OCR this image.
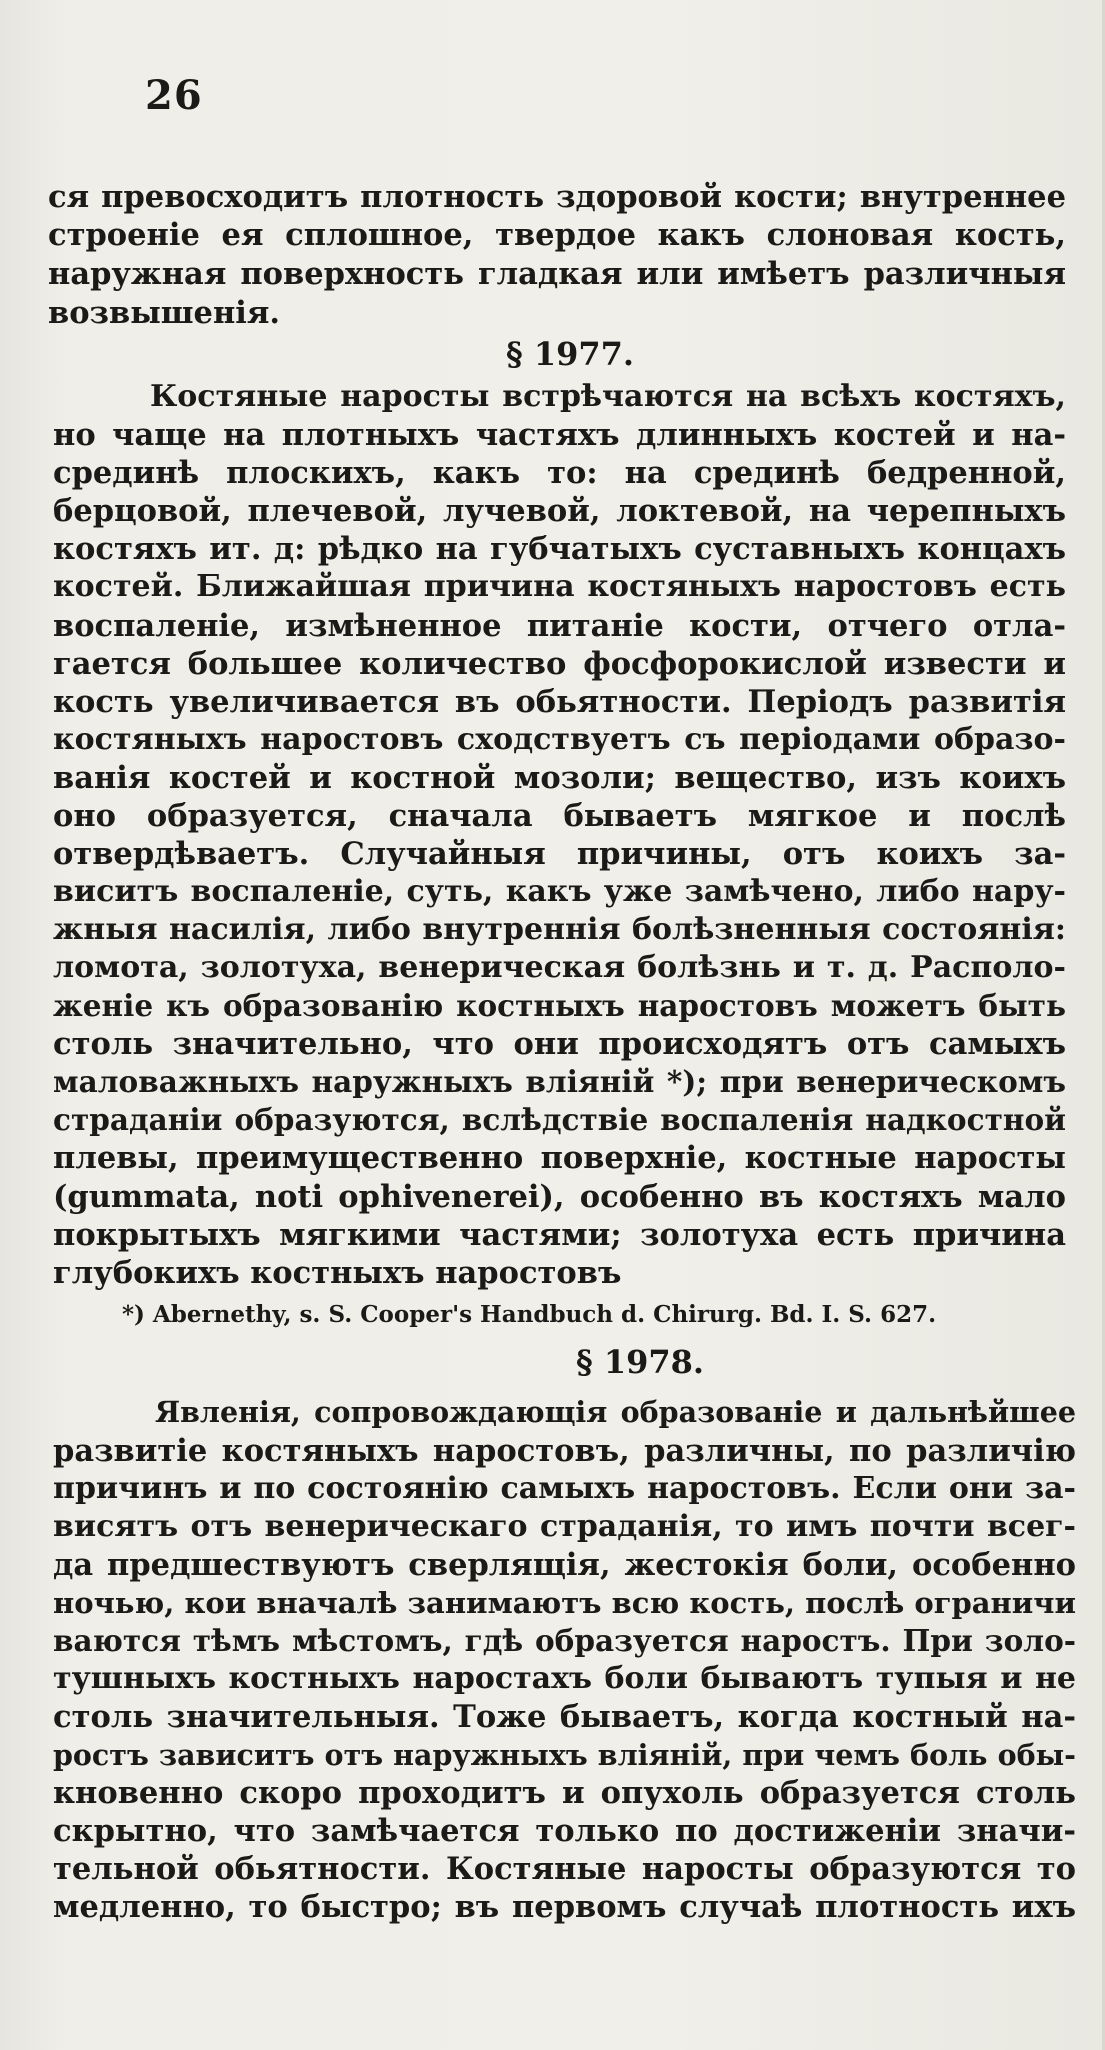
26
ся превосходитъ плотность здоровой кости; внутреннее
строеніе ея сплошное, твердое какъ слоновая кость,
наружная поверхность гладкая или имѣетъ различныя
возвышенія.
§ 1977.
Костяные наросты встрѣчаются на всѣхъ костяхъ,
но чаще на плотныхъ частяхъ длинныхъ костей и на-
срединѣ плоскихъ, какъ то: на срединѣ бедренной,
берцовой, плечевой, лучевой, локтевой, на черепныхъ
костяхъ ит. д: рѣдко на губчатыхъ суставныхъ концахъ
костей. Ближайшая причина костяныхъ наростовъ есть
воспаленіе, измѣненное питаніе кости, отчего отла-
гается большее количество фосфорокислой извести и
кость увеличивается въ обьятности. Періодъ развитія
костяныхъ наростовъ сходствуетъ съ періодами образо-
ванія костей и костной мозоли; вещество, изъ коихъ
оно образуется, сначала бываетъ мягкое и послѣ
отвердѣваетъ. Случайныя причины, отъ коихъ за-
виситъ воспаленіе, суть, какъ уже замѣчено, либо нару-
жныя насилія, либо внутреннія болѣзненныя состоянія:
ломота, золотуха, венерическая болѣзнь и т. д. Располо-
женіе къ образованію костныхъ наростовъ можетъ быть
столь значительно, что они происходятъ отъ самыхъ
маловажныхъ наружныхъ вліяній *); при венерическомъ
страданіи образуются, вслѣдствіе воспаленія надкостной
плевы, преимущественно поверхніе, костные наросты
(gummata, noti ophivenerei), особенно въ костяхъ мало
покрытыхъ мягкими частями; золотуха есть причина
глубокихъ костныхъ наростовъ
*) Abernethy, s. S. Cooper's Handbuch d. Chirurg. Bd. I. S. 627.
§ 1978.
Явленія, сопровождающія образованіе и дальнѣйшее
развитіе костяныхъ наростовъ, различны, по различію
причинъ и по состоянію самыхъ наростовъ. Если они за-
висятъ отъ венерическаго страданія, то имъ почти всег-
да предшествуютъ сверлящія, жестокія боли, особенно
ночью, кои вначалѣ занимаютъ всю кость, послѣ ограничи
ваются тѣмъ мѣстомъ, гдѣ образуется наростъ. При золо-
тушныхъ костныхъ наростахъ боли бываютъ тупыя и не
столь значительныя. Тоже бываетъ, когда костный на-
ростъ зависитъ отъ наружныхъ вліяній, при чемъ боль обы-
кновенно скоро проходитъ и опухоль образуется столь
скрытно, что замѣчается только по достиженіи значи-
тельной обьятности. Костяные наросты образуются то
медленно, то быстро; въ первомъ случаѣ плотность ихъ
